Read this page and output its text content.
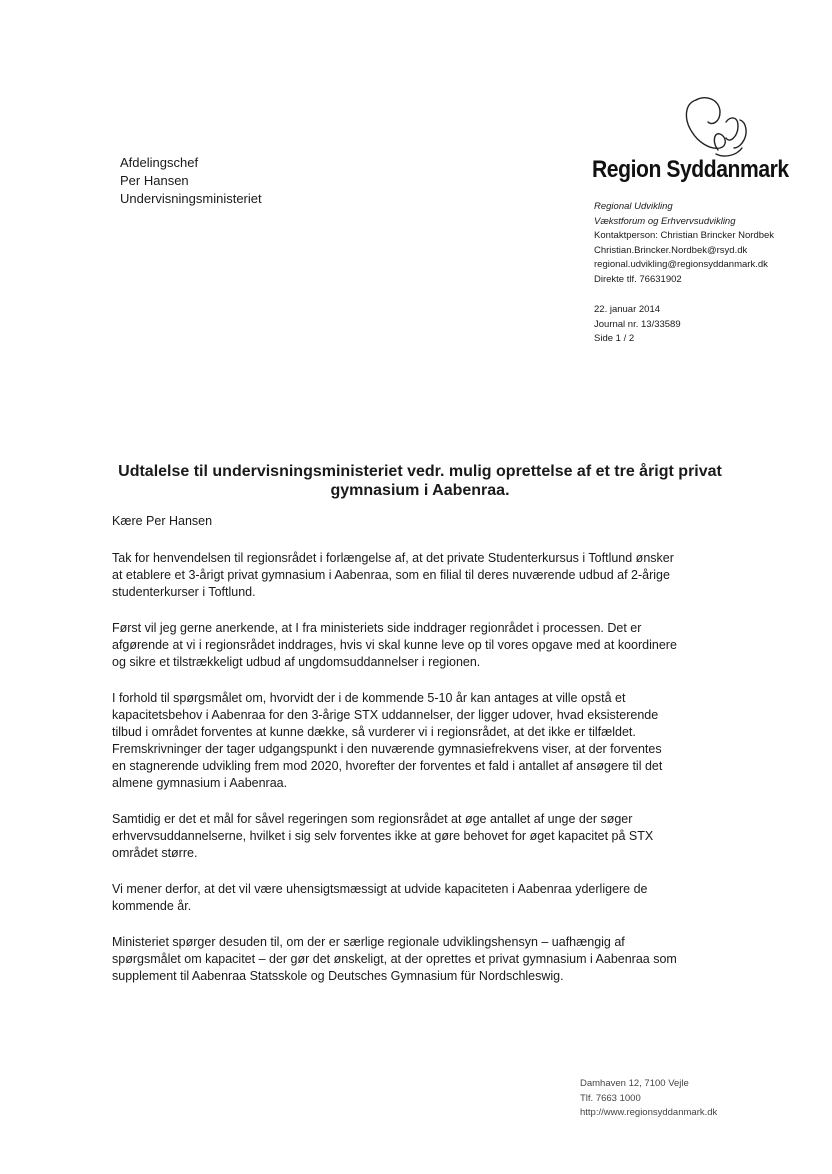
Afdelingschef
Per Hansen
Undervisningsministeriet
Region Syddanmark
Regional Udvikling
Vækstforum og Erhvervsudvikling
Kontaktperson: Christian Brincker Nordbek
Christian.Brincker.Nordbek@rsyd.dk
regional.udvikling@regionsyddanmark.dk
Direkte tlf. 76631902
22. januar 2014
Journal nr. 13/33589
Side 1 / 2
Udtalelse til undervisningsministeriet vedr. mulig oprettelse af et tre årigt privat
gymnasium i Aabenraa.
Kære Per Hansen
Tak for henvendelsen til regionsrådet i forlængelse af, at det private Studenterkursus i Toftlund ønsker
at etablere et 3-årigt privat gymnasium i Aabenraa, som en filial til deres nuværende udbud af 2-årige
studenterkurser i Toftlund.
Først vil jeg gerne anerkende, at I fra ministeriets side inddrager regionrådet i processen. Det er
afgørende at vi i regionsrådet inddrages, hvis vi skal kunne leve op til vores opgave med at koordinere
og sikre et tilstrækkeligt udbud af ungdomsuddannelser i regionen.
I forhold til spørgsmålet om, hvorvidt der i de kommende 5-10 år kan antages at ville opstå et
kapacitetsbehov i Aabenraa for den 3-årige STX uddannelser, der ligger udover, hvad eksisterende
tilbud i området forventes at kunne dække, så vurderer vi i regionsrådet, at det ikke er tilfældet.
Fremskrivninger der tager udgangspunkt i den nuværende gymnasiefrekvens viser, at der forventes
en stagnerende udvikling frem mod 2020, hvorefter der forventes et fald i antallet af ansøgere til det
almene gymnasium i Aabenraa.
Samtidig er det et mål for såvel regeringen som regionsrådet at øge antallet af unge der søger
erhvervsuddannelserne, hvilket i sig selv forventes ikke at gøre behovet for øget kapacitet på STX
området større.
Vi mener derfor, at det vil være uhensigtsmæssigt at udvide kapaciteten i Aabenraa yderligere de
kommende år.
Ministeriet spørger desuden til, om der er særlige regionale udviklingshensyn – uafhængig af
spørgsmålet om kapacitet – der gør det ønskeligt, at der oprettes et privat gymnasium i Aabenraa som
supplement til Aabenraa Statsskole og Deutsches Gymnasium für Nordschleswig.
Damhaven 12, 7100 Vejle
Tlf. 7663 1000
http://www.regionsyddanmark.dk
